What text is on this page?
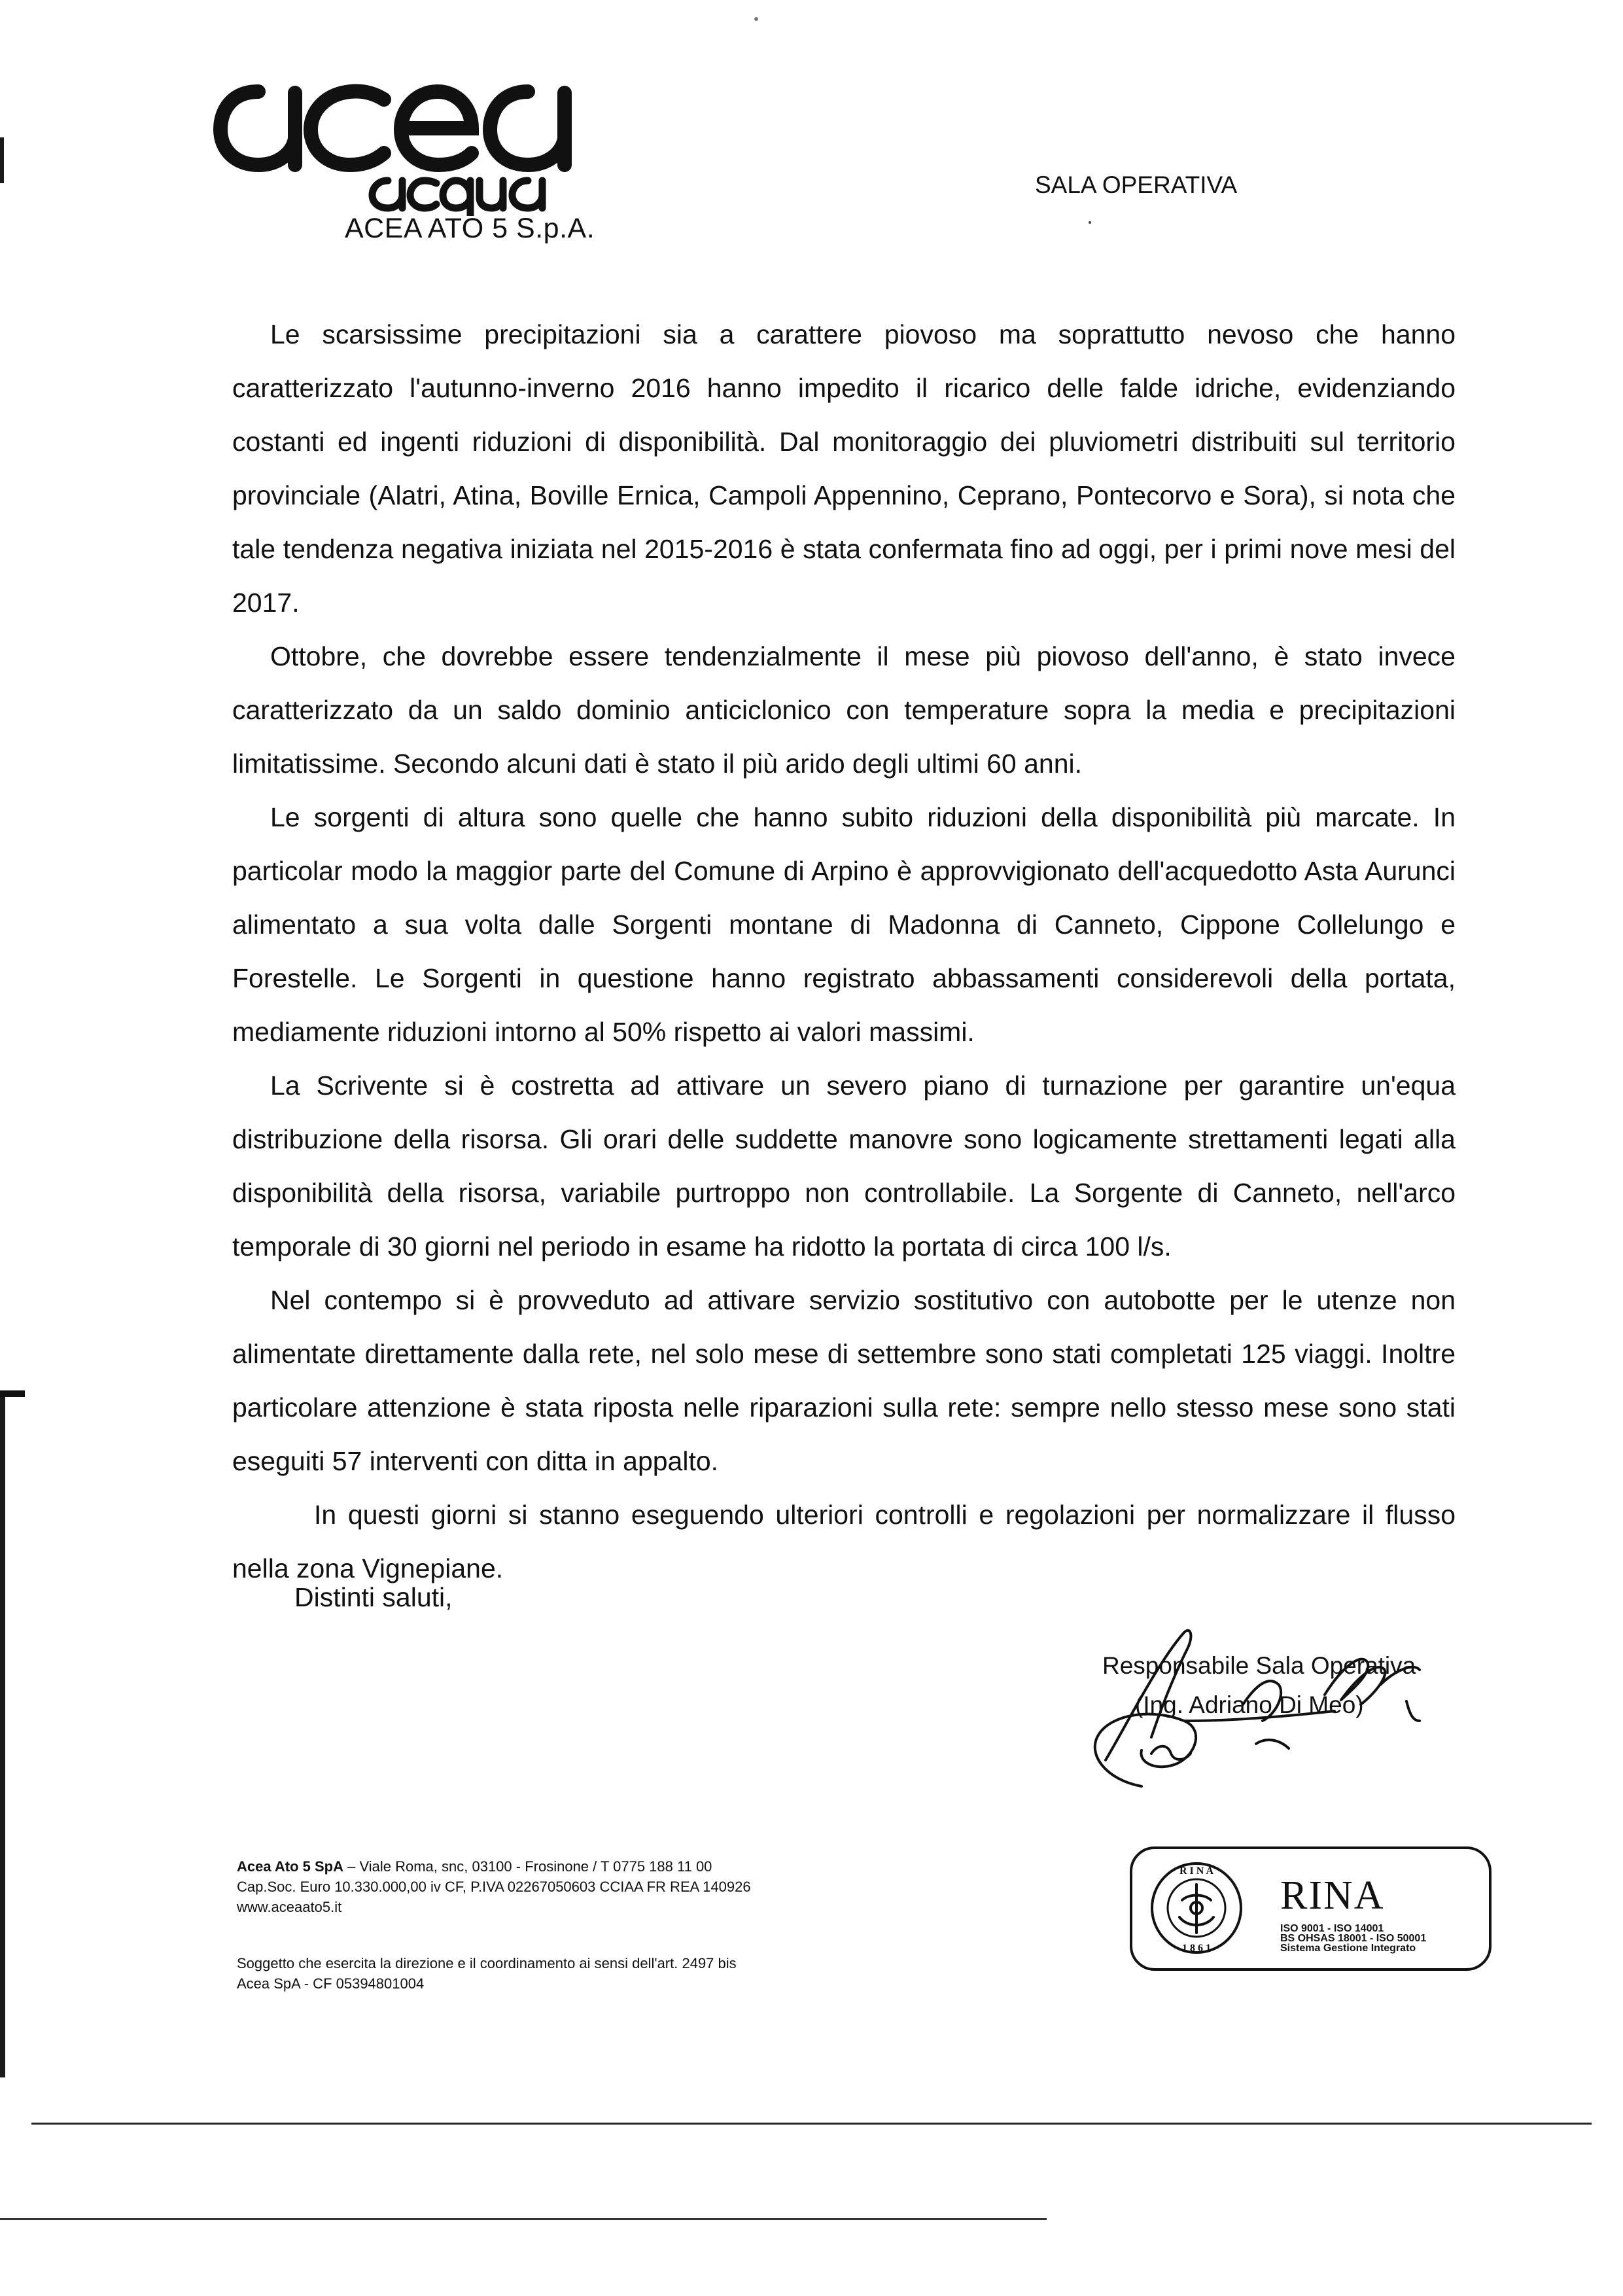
ACEA ATO 5 S.p.A.
SALA OPERATIVA

Le scarsissime precipitazioni sia a carattere piovoso ma soprattutto nevoso che hanno caratterizzato l'autunno-inverno 2016 hanno impedito il ricarico delle falde idriche, evidenziando costanti ed ingenti riduzioni di disponibilità. Dal monitoraggio dei pluviometri distribuiti sul territorio provinciale (Alatri, Atina, Boville Ernica, Campoli Appennino, Ceprano, Pontecorvo e Sora), si nota che tale tendenza negativa iniziata nel 2015-2016 è stata confermata fino ad oggi, per i primi nove mesi del 2017.

Ottobre, che dovrebbe essere tendenzialmente il mese più piovoso dell'anno, è stato invece caratterizzato da un saldo dominio anticiclonico con temperature sopra la media e precipitazioni limitatissime. Secondo alcuni dati è stato il più arido degli ultimi 60 anni.

Le sorgenti di altura sono quelle che hanno subito riduzioni della disponibilità più marcate. In particolar modo la maggior parte del Comune di Arpino è approvvigionato dell'acquedotto Asta Aurunci alimentato a sua volta dalle Sorgenti montane di Madonna di Canneto, Cippone Collelungo e Forestelle. Le Sorgenti in questione hanno registrato abbassamenti considerevoli della portata, mediamente riduzioni intorno al 50% rispetto ai valori massimi.

La Scrivente si è costretta ad attivare un severo piano di turnazione per garantire un'equa distribuzione della risorsa. Gli orari delle suddette manovre sono logicamente strettamenti legati alla disponibilità della risorsa, variabile purtroppo non controllabile. La Sorgente di Canneto, nell'arco temporale di 30 giorni nel periodo in esame ha ridotto la portata di circa 100 l/s.

Nel contempo si è provveduto ad attivare servizio sostitutivo con autobotte per le utenze non alimentate direttamente dalla rete, nel solo mese di settembre sono stati completati 125 viaggi. Inoltre particolare attenzione è stata riposta nelle riparazioni sulla rete: sempre nello stesso mese sono stati eseguiti 57 interventi con ditta in appalto.

In questi giorni si stanno eseguendo ulteriori controlli e regolazioni per normalizzare il flusso nella zona Vignepiane.

Distinti saluti,
Responsabile Sala Operativa
(Ing. Adriano Di Meo)
Acea Ato 5 SpA – Viale Roma, snc, 03100 - Frosinone / T 0775 188 11 00
Cap.Soc. Euro 10.330.000,00 iv CF, P.IVA 02267050603 CCIAA FR REA 140926
www.aceaato5.it
Soggetto che esercita la direzione e il coordinamento ai sensi dell'art. 2497 bis
Acea SpA - CF 05394801004
R I N A
1 8 6 1
RINA
ISO 9001 - ISO 14001
BS OHSAS 18001 - ISO 50001
Sistema Gestione Integrato
